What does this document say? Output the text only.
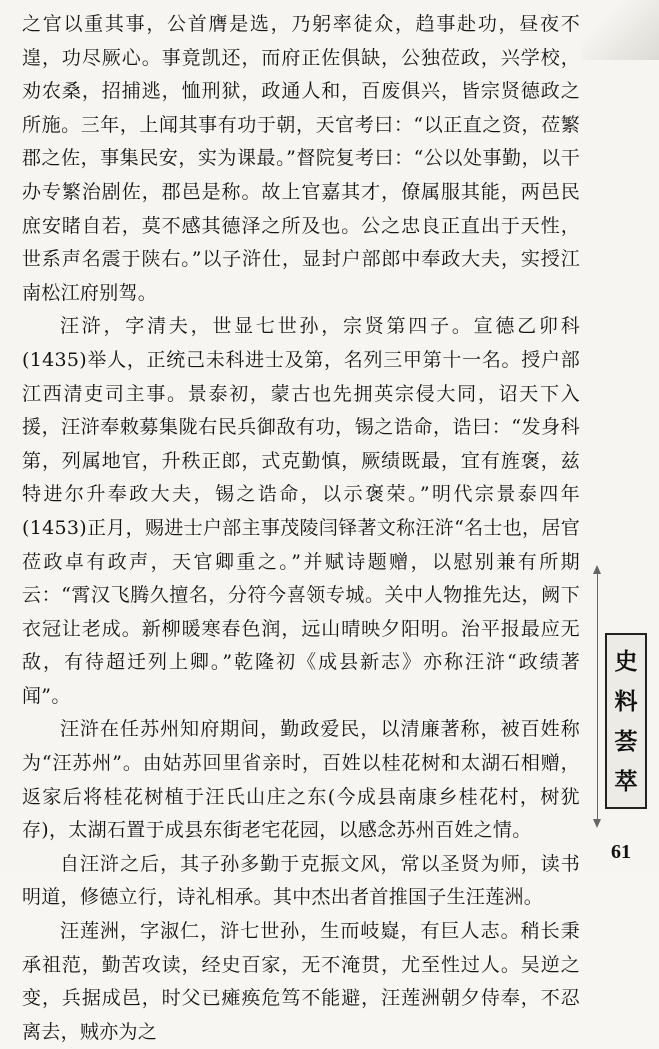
之官以重其事，公首膺是选，乃躬率徒众，趋事赴功，昼夜不遑，功尽厥心。事竟凯还，而府正佐俱缺，公独莅政，兴学校，劝农桑，招捕逃，恤刑狱，政通人和，百废俱兴，皆宗贤德政之所施。三年，上闻其事有功于朝，天官考曰：“以正直之资，莅繁郡之佐，事集民安，实为课最。”督院复考曰：“公以处事勤，以干办专繁治剧佐，郡邑是称。故上官嘉其才，僚属服其能，两邑民庶安睹自若，莫不感其德泽之所及也。公之忠良正直出于天性，世系声名震于陕右。”以子浒仕，显封户部郎中奉政大夫，实授江南松江府别驾。

汪浒，字清夫，世显七世孙，宗贤第四子。宣德乙卯科(1435)举人，正统己未科进士及第，名列三甲第十一名。授户部江西清吏司主事。景泰初，蒙古也先拥英宗侵大同，诏天下入援，汪浒奉敕募集陇右民兵御敌有功，锡之诰命，诰曰：“发身科第，列属地官，升秩正郎，式克勤慎，厥绩既最，宜有旌褒，兹特进尔升奉政大夫，锡之诰命，以示褒荣。”明代宗景泰四年(1453)正月，赐进士户部主事茂陵闫铎著文称汪浒“名士也，居官莅政卓有政声，天官卿重之。”并赋诗题赠，以慰别兼有所期云：“霄汉飞腾久擅名，分符今喜领专城。关中人物推先达，阙下衣冠让老成。新柳暖寒春色润，远山晴映夕阳明。治平报最应无敌，有待超迁列上卿。”乾隆初《成县新志》亦称汪浒“政绩著闻”。

汪浒在任苏州知府期间，勤政爱民，以清廉著称，被百姓称为“汪苏州”。由姑苏回里省亲时，百姓以桂花树和太湖石相赠，返家后将桂花树植于汪氏山庄之东(今成县南康乡桂花村，树犹存)，太湖石置于成县东街老宅花园，以感念苏州百姓之情。

自汪浒之后，其子孙多勤于克振文风，常以圣贤为师，读书明道，修德立行，诗礼相承。其中杰出者首推国子生汪莲洲。

汪莲洲，字淑仁，浒七世孙，生而岐嶷，有巨人志。稍长秉承祖范，勤苦攻读，经史百家，无不淹贯，尤至性过人。吴逆之变，兵据成邑，时父已瘫痪危笃不能避，汪莲洲朝夕侍奉，不忍离去，贼亦为之

史
料
荟
萃
61
